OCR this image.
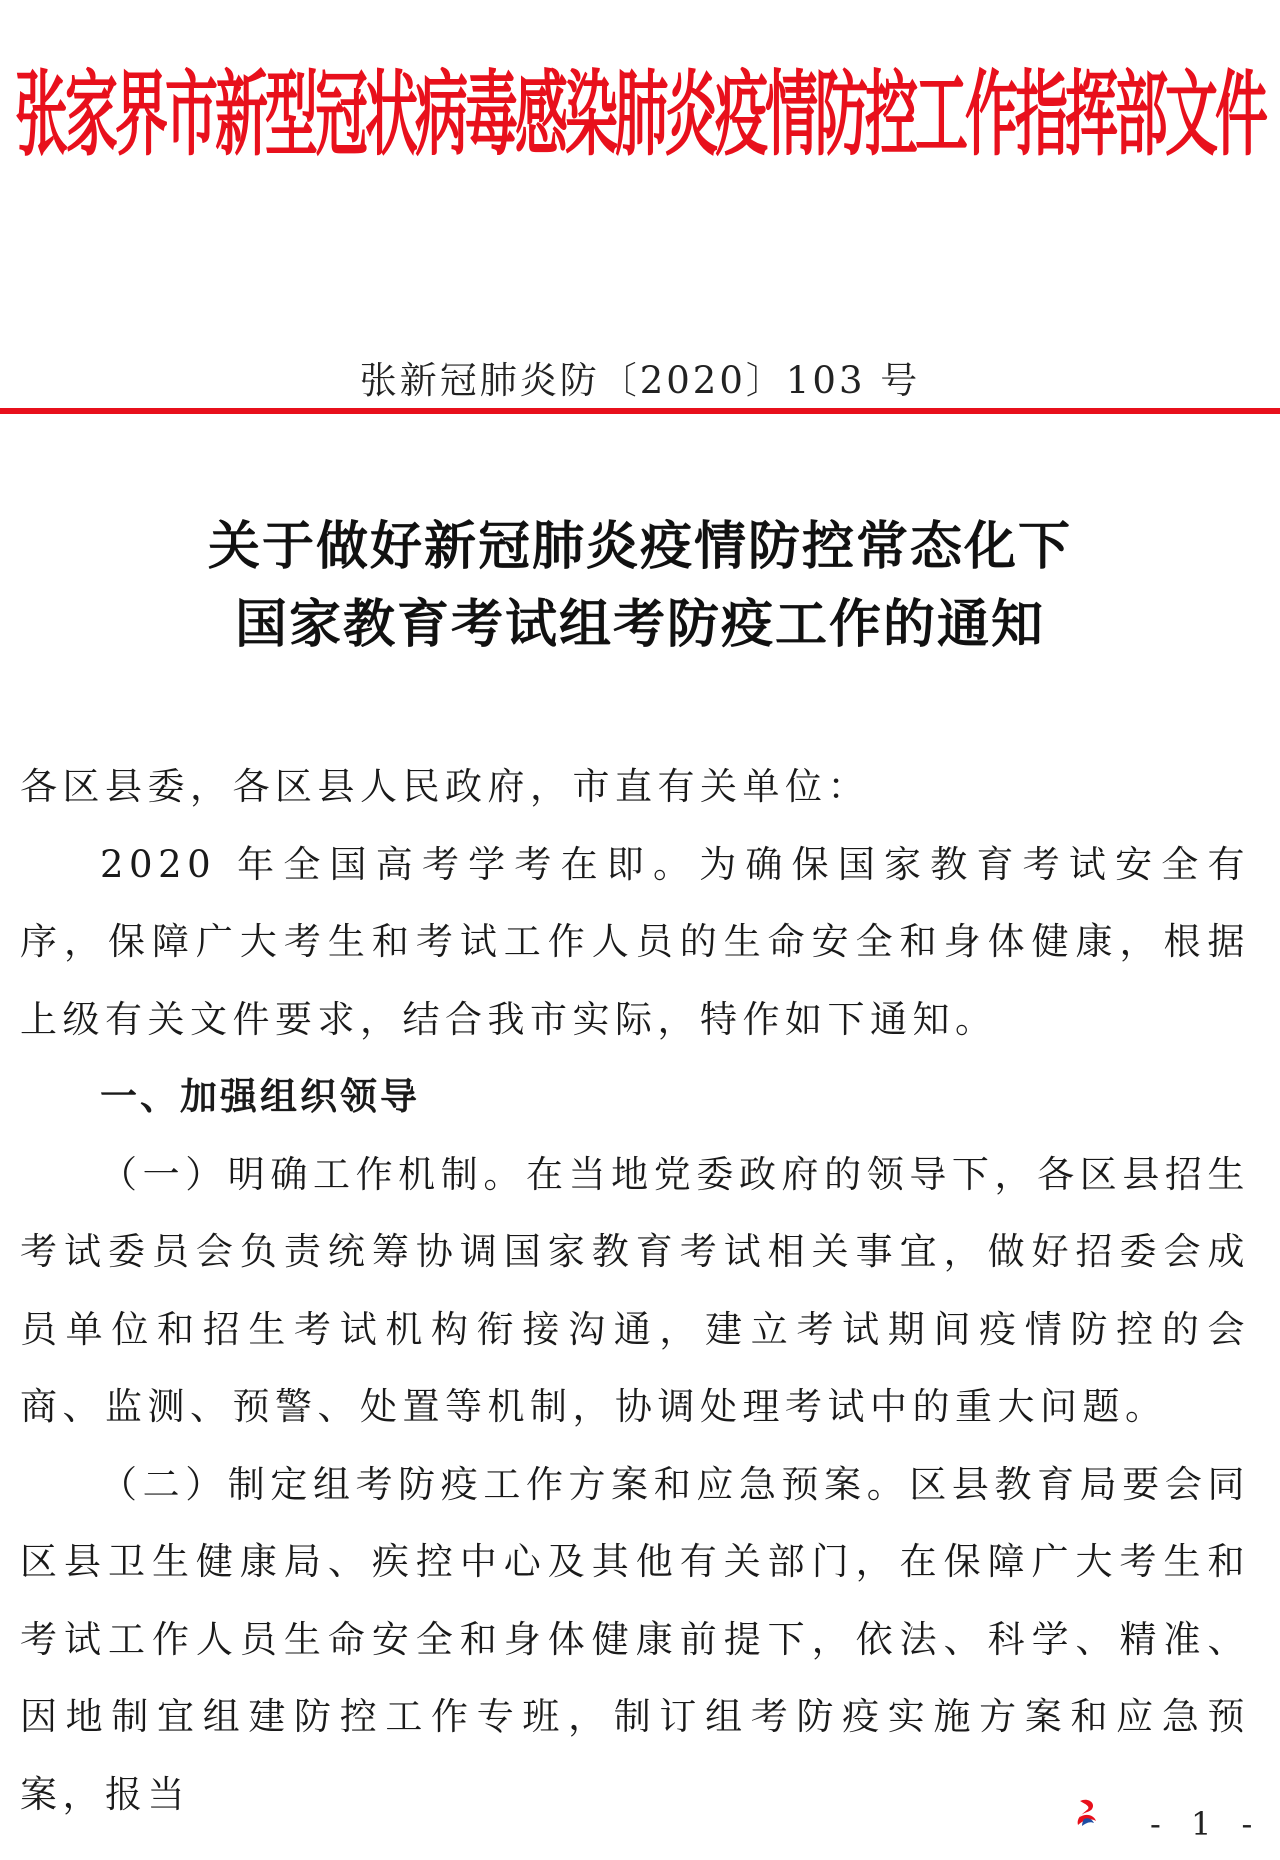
张家界市新型冠状病毒感染肺炎疫情防控工作指挥部文件
张新冠肺炎防〔2020〕103 号
关于做好新冠肺炎疫情防控常态化下
国家教育考试组考防疫工作的通知

各区县委，各区县人民政府，市直有关单位：

2020 年全国高考学考在即。为确保国家教育考试安全有序，保障广大考生和考试工作人员的生命安全和身体健康，根据上级有关文件要求，结合我市实际，特作如下通知。

一、加强组织领导

（一）明确工作机制。在当地党委政府的领导下，各区县招生考试委员会负责统筹协调国家教育考试相关事宜，做好招委会成员单位和招生考试机构衔接沟通，建立考试期间疫情防控的会商、监测、预警、处置等机制，协调处理考试中的重大问题。

（二）制定组考防疫工作方案和应急预案。区县教育局要会同区县卫生健康局、疾控中心及其他有关部门，在保障广大考生和考试工作人员生命安全和身体健康前提下，依法、科学、精准、因地制宜组建防控工作专班，制订组考防疫实施方案和应急预案，报当

- 1 -
